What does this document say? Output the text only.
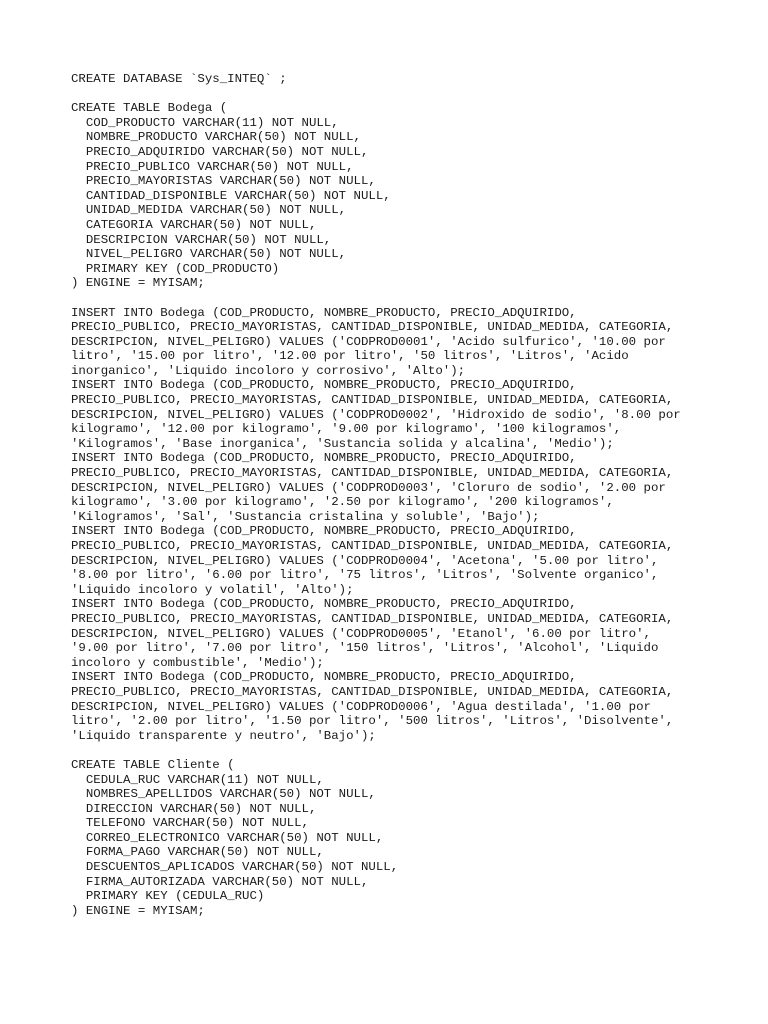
CREATE DATABASE `Sys_INTEQ` ;
CREATE TABLE Bodega (
COD_PRODUCTO VARCHAR(11) NOT NULL,
NOMBRE_PRODUCTO VARCHAR(50) NOT NULL,
PRECIO_ADQUIRIDO VARCHAR(50) NOT NULL,
PRECIO_PUBLICO VARCHAR(50) NOT NULL,
PRECIO_MAYORISTAS VARCHAR(50) NOT NULL,
CANTIDAD_DISPONIBLE VARCHAR(50) NOT NULL,
UNIDAD_MEDIDA VARCHAR(50) NOT NULL,
CATEGORIA VARCHAR(50) NOT NULL,
DESCRIPCION VARCHAR(50) NOT NULL,
NIVEL_PELIGRO VARCHAR(50) NOT NULL,
PRIMARY KEY (COD_PRODUCTO)
) ENGINE = MYISAM;
INSERT INTO Bodega (COD_PRODUCTO, NOMBRE_PRODUCTO, PRECIO_ADQUIRIDO,
PRECIO_PUBLICO, PRECIO_MAYORISTAS, CANTIDAD_DISPONIBLE, UNIDAD_MEDIDA, CATEGORIA,
DESCRIPCION, NIVEL_PELIGRO) VALUES ('CODPROD0001', 'Acido sulfurico', '10.00 por
litro', '15.00 por litro', '12.00 por litro', '50 litros', 'Litros', 'Acido
inorganico', 'Liquido incoloro y corrosivo', 'Alto');
INSERT INTO Bodega (COD_PRODUCTO, NOMBRE_PRODUCTO, PRECIO_ADQUIRIDO,
PRECIO_PUBLICO, PRECIO_MAYORISTAS, CANTIDAD_DISPONIBLE, UNIDAD_MEDIDA, CATEGORIA,
DESCRIPCION, NIVEL_PELIGRO) VALUES ('CODPROD0002', 'Hidroxido de sodio', '8.00 por
kilogramo', '12.00 por kilogramo', '9.00 por kilogramo', '100 kilogramos',
'Kilogramos', 'Base inorganica', 'Sustancia solida y alcalina', 'Medio');
INSERT INTO Bodega (COD_PRODUCTO, NOMBRE_PRODUCTO, PRECIO_ADQUIRIDO,
PRECIO_PUBLICO, PRECIO_MAYORISTAS, CANTIDAD_DISPONIBLE, UNIDAD_MEDIDA, CATEGORIA,
DESCRIPCION, NIVEL_PELIGRO) VALUES ('CODPROD0003', 'Cloruro de sodio', '2.00 por
kilogramo', '3.00 por kilogramo', '2.50 por kilogramo', '200 kilogramos',
'Kilogramos', 'Sal', 'Sustancia cristalina y soluble', 'Bajo');
INSERT INTO Bodega (COD_PRODUCTO, NOMBRE_PRODUCTO, PRECIO_ADQUIRIDO,
PRECIO_PUBLICO, PRECIO_MAYORISTAS, CANTIDAD_DISPONIBLE, UNIDAD_MEDIDA, CATEGORIA,
DESCRIPCION, NIVEL_PELIGRO) VALUES ('CODPROD0004', 'Acetona', '5.00 por litro',
'8.00 por litro', '6.00 por litro', '75 litros', 'Litros', 'Solvente organico',
'Liquido incoloro y volatil', 'Alto');
INSERT INTO Bodega (COD_PRODUCTO, NOMBRE_PRODUCTO, PRECIO_ADQUIRIDO,
PRECIO_PUBLICO, PRECIO_MAYORISTAS, CANTIDAD_DISPONIBLE, UNIDAD_MEDIDA, CATEGORIA,
DESCRIPCION, NIVEL_PELIGRO) VALUES ('CODPROD0005', 'Etanol', '6.00 por litro',
'9.00 por litro', '7.00 por litro', '150 litros', 'Litros', 'Alcohol', 'Liquido
incoloro y combustible', 'Medio');
INSERT INTO Bodega (COD_PRODUCTO, NOMBRE_PRODUCTO, PRECIO_ADQUIRIDO,
PRECIO_PUBLICO, PRECIO_MAYORISTAS, CANTIDAD_DISPONIBLE, UNIDAD_MEDIDA, CATEGORIA,
DESCRIPCION, NIVEL_PELIGRO) VALUES ('CODPROD0006', 'Agua destilada', '1.00 por
litro', '2.00 por litro', '1.50 por litro', '500 litros', 'Litros', 'Disolvente',
'Liquido transparente y neutro', 'Bajo');
CREATE TABLE Cliente (
CEDULA_RUC VARCHAR(11) NOT NULL,
NOMBRES_APELLIDOS VARCHAR(50) NOT NULL,
DIRECCION VARCHAR(50) NOT NULL,
TELEFONO VARCHAR(50) NOT NULL,
CORREO_ELECTRONICO VARCHAR(50) NOT NULL,
FORMA_PAGO VARCHAR(50) NOT NULL,
DESCUENTOS_APLICADOS VARCHAR(50) NOT NULL,
FIRMA_AUTORIZADA VARCHAR(50) NOT NULL,
PRIMARY KEY (CEDULA_RUC)
) ENGINE = MYISAM;
